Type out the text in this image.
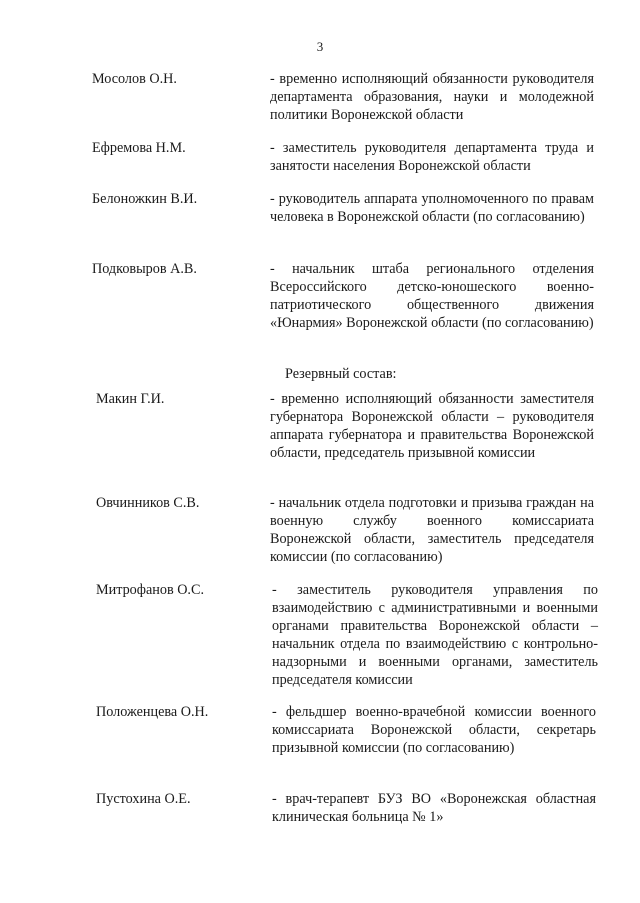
3
Мосолов О.Н.	- временно исполняющий обязанности руководителя департамента образования, науки и молодежной политики Воронежской области
Ефремова Н.М.	- заместитель руководителя департамента труда и занятости населения Воронежской области
Белоножкин В.И.	- руководитель аппарата уполномоченного по правам человека в Воронежской области (по согласованию)
Подковыров А.В.	- начальник штаба регионального отделения Всероссийского детско-юношеского военно-патриотического общественного движения «Юнармия» Воронежской области (по согласованию)
Резервный состав:
Макин Г.И.	- временно исполняющий обязанности заместителя губернатора Воронежской области – руководителя аппарата губернатора и правительства Воронежской области, председатель призывной комиссии
Овчинников С.В.	- начальник отдела подготовки и призыва граждан на военную службу военного комиссариата Воронежской области, заместитель председателя комиссии (по согласованию)
Митрофанов О.С.	- заместитель руководителя управления по взаимодействию с административными и военными органами правительства Воронежской области – начальник отдела по взаимодействию с контрольно-надзорными и военными органами, заместитель председателя комиссии
Положенцева О.Н.	- фельдшер военно-врачебной комиссии военного комиссариата Воронежской области, секретарь призывной комиссии (по согласованию)
Пустохина О.Е.	- врач-терапевт БУЗ ВО «Воронежская областная клиническая больница № 1»
